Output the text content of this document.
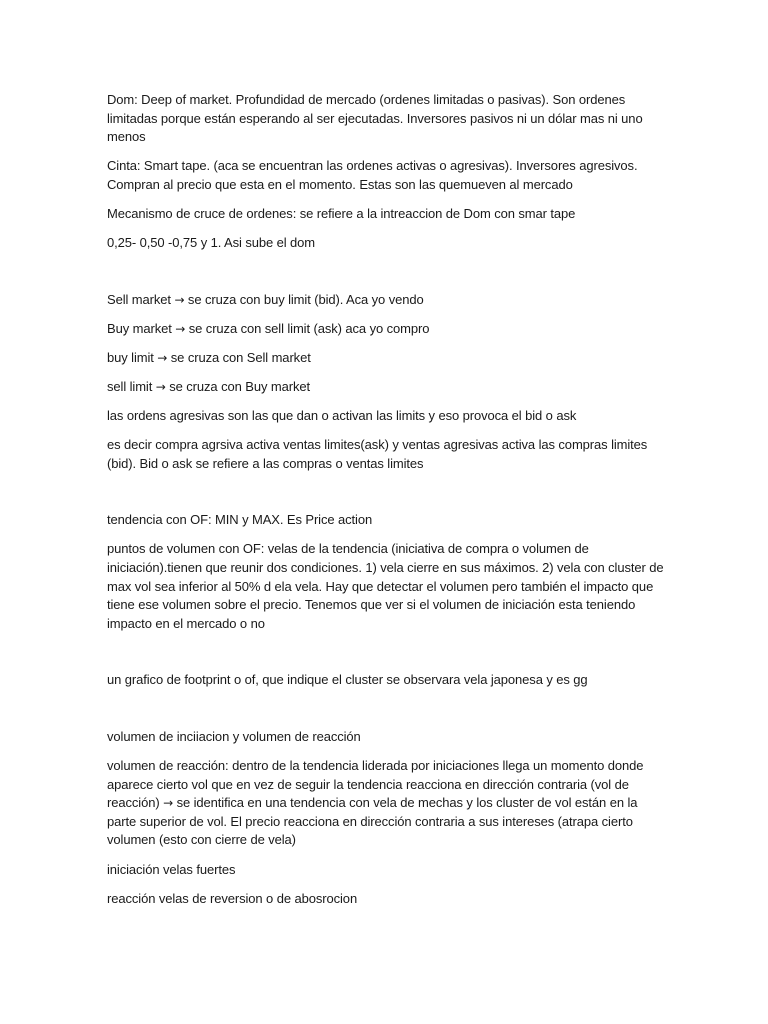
Dom: Deep of market. Profundidad de mercado (ordenes limitadas o pasivas). Son ordenes limitadas porque están esperando al ser ejecutadas. Inversores pasivos ni un dólar mas ni uno menos

Cinta: Smart tape. (aca se encuentran las ordenes activas o agresivas). Inversores agresivos. Compran al precio que esta en el momento. Estas son las quemueven al mercado

Mecanismo de cruce de ordenes: se refiere a la intreaccion de Dom con smar tape

0,25- 0,50 -0,75 y 1. Asi sube el dom

Sell market → se cruza con buy limit (bid). Aca yo vendo

Buy market → se cruza con sell limit (ask) aca yo compro

buy limit → se cruza con Sell market

sell limit → se cruza con Buy market

las ordens agresivas son las que dan o activan las limits y eso provoca el bid o ask

es decir compra agrsiva activa ventas limites(ask) y ventas agresivas activa las compras limites (bid). Bid o ask se refiere a las compras o ventas limites

tendencia con OF: MIN y MAX. Es Price action

puntos de volumen con OF: velas de la tendencia (iniciativa de compra o volumen de iniciación).tienen que reunir dos condiciones. 1) vela cierre en sus máximos. 2) vela con cluster de max vol sea inferior al 50% d ela vela. Hay que detectar el volumen pero también el impacto que tiene ese volumen sobre el precio. Tenemos que ver si el volumen de iniciación esta teniendo impacto en el mercado o no

un grafico de footprint o of, que indique el cluster se observara vela japonesa y es gg

volumen de inciiacion y volumen de reacción

volumen de reacción: dentro de la tendencia liderada por iniciaciones llega un momento donde aparece cierto vol que en vez de seguir la tendencia reacciona en dirección contraria (vol de reacción) → se identifica en una tendencia con vela de mechas y los cluster de vol están en la parte superior de vol. El precio reacciona en dirección contraria a sus intereses (atrapa cierto volumen (esto con cierre de vela)

iniciación velas fuertes

reacción velas de reversion o de abosrocion
